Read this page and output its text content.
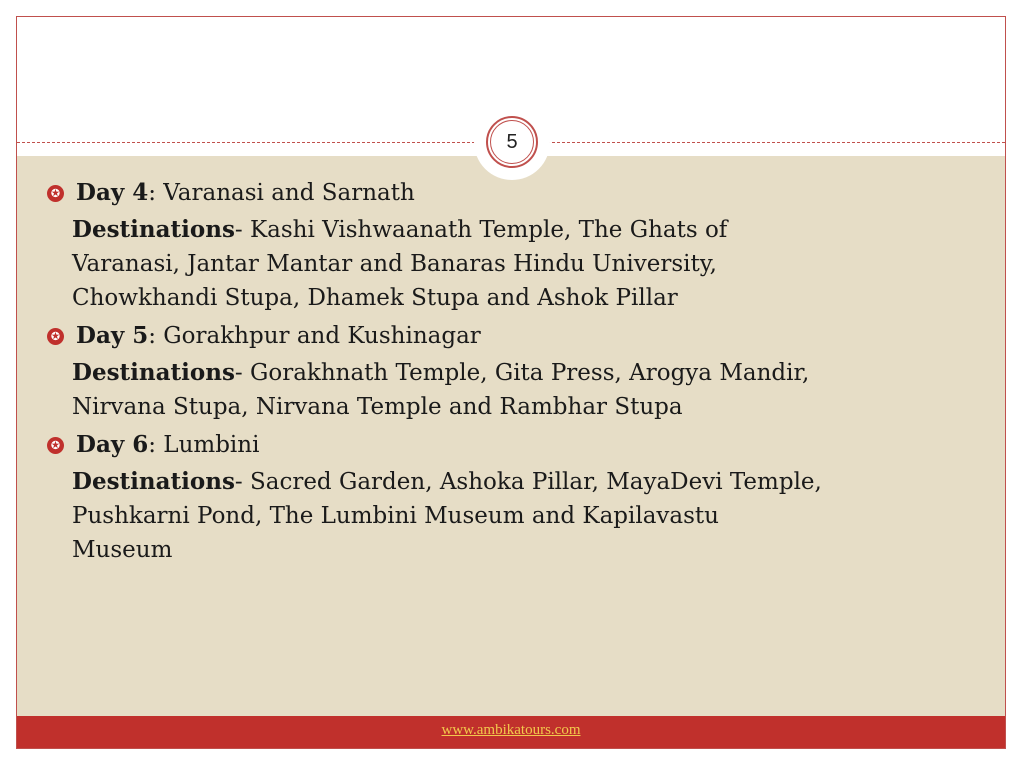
5

✪ Day 4: Varanasi and Sarnath

Destinations- Kashi Vishwaanath Temple, The Ghats of
Varanasi, Jantar Mantar and Banaras Hindu University,
Chowkhandi Stupa, Dhamek Stupa and Ashok Pillar

✪ Day 5: Gorakhpur and Kushinagar

Destinations- Gorakhnath Temple, Gita Press, Arogya Mandir,
Nirvana Stupa, Nirvana Temple and Rambhar Stupa

✪ Day 6: Lumbini

Destinations- Sacred Garden, Ashoka Pillar, MayaDevi Temple,
Pushkarni Pond, The Lumbini Museum and Kapilavastu
Museum

www.ambikatours.com
